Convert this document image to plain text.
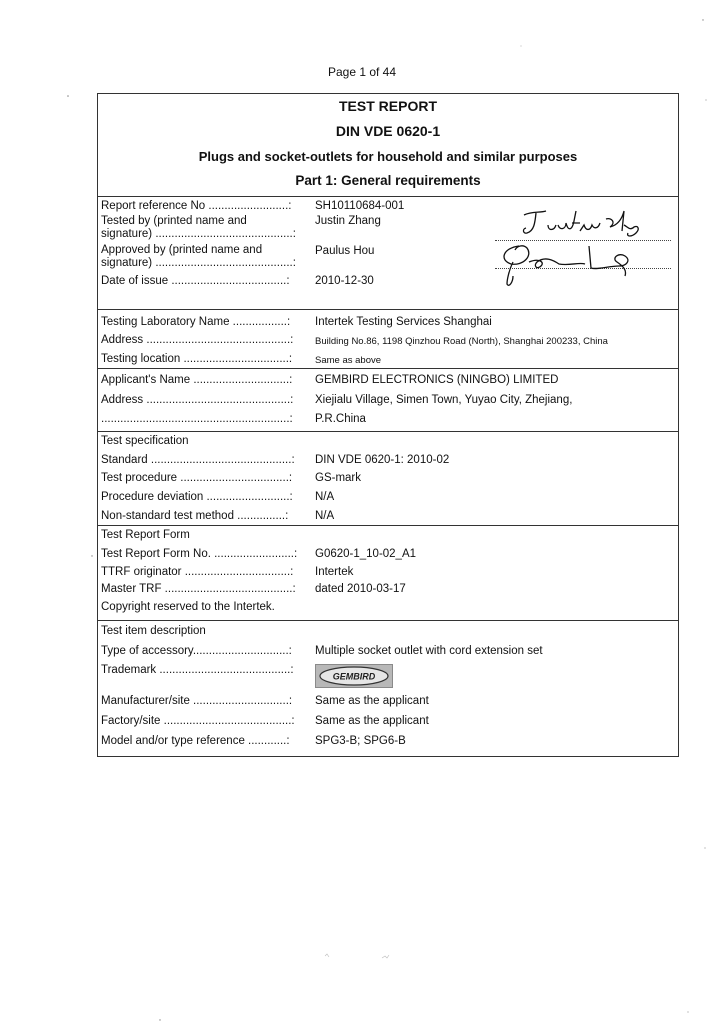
Page 1 of 44
TEST REPORT
DIN VDE 0620-1
Plugs and socket-outlets for household and similar purposes
Part 1: General requirements
Report reference No .........................:	SH10110684-001
Tested by (printed name and	Justin Zhang
signature) ...........................................:
Approved by (printed name and	Paulus Hou
signature) ...........................................:
Date of issue ....................................:	2010-12-30
Testing Laboratory Name .................:	Intertek Testing Services Shanghai
Address .............................................:	Building No.86, 1198 Qinzhou Road (North), Shanghai 200233, China
Testing location .................................:	Same as above
Applicant's Name ..............................:	GEMBIRD ELECTRONICS (NINGBO) LIMITED
Address .............................................:	Xiejialu Village, Simen Town, Yuyao City, Zhejiang,
...........................................................:	P.R.China
Test specification
Standard ............................................:	DIN VDE 0620-1: 2010-02
Test procedure ..................................:	GS-mark
Procedure deviation ..........................:	N/A
Non-standard test method ...............:	N/A
Test Report Form
Test Report Form No. .........................:	G0620-1_10-02_A1
TTRF originator .................................:	Intertek
Master TRF ........................................:	dated 2010-03-17
Copyright reserved to the Intertek.
Test item description
Type of accessory..............................:	Multiple socket outlet with cord extension set
Trademark .........................................:
GEMBIRD
Manufacturer/site ..............................:	Same as the applicant
Factory/site ........................................:	Same as the applicant
Model and/or type reference ............:	SPG3-B; SPG6-B
